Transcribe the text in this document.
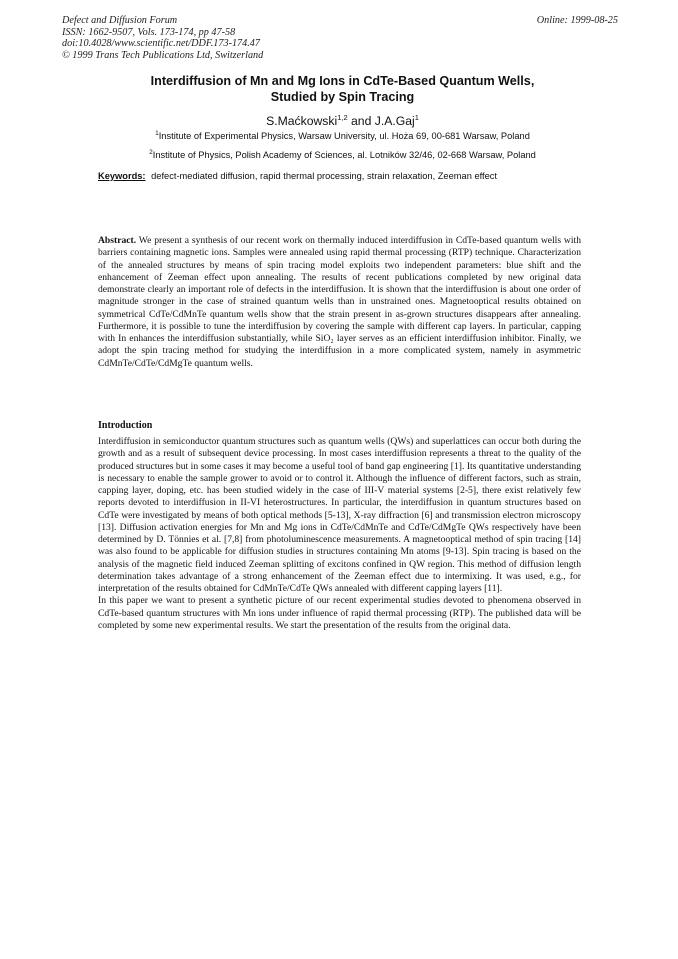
Defect and Diffusion Forum
ISSN: 1662-9507, Vols. 173-174, pp 47-58
doi:10.4028/www.scientific.net/DDF.173-174.47
© 1999 Trans Tech Publications Ltd, Switzerland
Online: 1999-08-25
Interdiffusion of Mn and Mg Ions in CdTe-Based Quantum Wells,
Studied by Spin Tracing
S.Maćkowski$^{1,2}$ and J.A.Gaj$^1$
$^1$Institute of Experimental Physics, Warsaw University, ul. Hoża 69, 00-681 Warsaw, Poland
$^2$Institute of Physics, Polish Academy of Sciences, al. Lotników 32/46, 02-668 Warsaw, Poland
Keywords: defect-mediated diffusion, rapid thermal processing, strain relaxation, Zeeman effect
Abstract. We present a synthesis of our recent work on thermally induced interdiffusion in CdTe-based quantum wells with barriers containing magnetic ions. Samples were annealed using rapid thermal processing (RTP) technique. Characterization of the annealed structures by means of spin tracing model exploits two independent parameters: blue shift and the enhancement of Zeeman effect upon annealing. The results of recent publications completed by new original data demonstrate clearly an important role of defects in the interdiffusion. It is shown that the interdiffusion is about one order of magnitude stronger in the case of strained quantum wells than in unstrained ones. Magnetooptical results obtained on symmetrical CdTe/CdMnTe quantum wells show that the strain present in as-grown structures disappears after annealing. Furthermore, it is possible to tune the interdiffusion by covering the sample with different cap layers. In particular, capping with In enhances the interdiffusion substantially, while SiO₂ layer serves as an efficient interdiffusion inhibitor. Finally, we adopt the spin tracing method for studying the interdiffusion in a more complicated system, namely in asymmetric CdMnTe/CdTe/CdMgTe quantum wells.
Introduction

Interdiffusion in semiconductor quantum structures such as quantum wells (QWs) and superlattices can occur both during the growth and as a result of subsequent device processing. In most cases interdiffusion represents a threat to the quality of the produced structures but in some cases it may become a useful tool of band gap engineering [1]. Its quantitative understanding is necessary to enable the sample grower to avoid or to control it. Although the influence of different factors, such as strain, capping layer, doping, etc. has been studied widely in the case of III-V material systems [2-5], there exist relatively few reports devoted to interdiffusion in II-VI heterostructures. In particular, the interdiffusion in quantum structures based on CdTe were investigated by means of both optical methods [5-13], X-ray diffraction [6] and transmission electron microscopy [13]. Diffusion activation energies for Mn and Mg ions in CdTe/CdMnTe and CdTe/CdMgTe QWs respectively have been determined by D. Tönnies et al. [7,8] from photoluminescence measurements. A magnetooptical method of spin tracing [14] was also found to be applicable for diffusion studies in structures containing Mn atoms [9-13]. Spin tracing is based on the analysis of the magnetic field induced Zeeman splitting of excitons confined in QW region. This method of diffusion length determination takes advantage of a strong enhancement of the Zeeman effect due to intermixing. It was used, e.g., for interpretation of the results obtained for CdMnTe/CdTe QWs annealed with different capping layers [11].

In this paper we want to present a synthetic picture of our recent experimental studies devoted to phenomena observed in CdTe-based quantum structures with Mn ions under influence of rapid thermal processing (RTP). The published data will be completed by some new experimental results. We start the presentation of the results from the original data.
